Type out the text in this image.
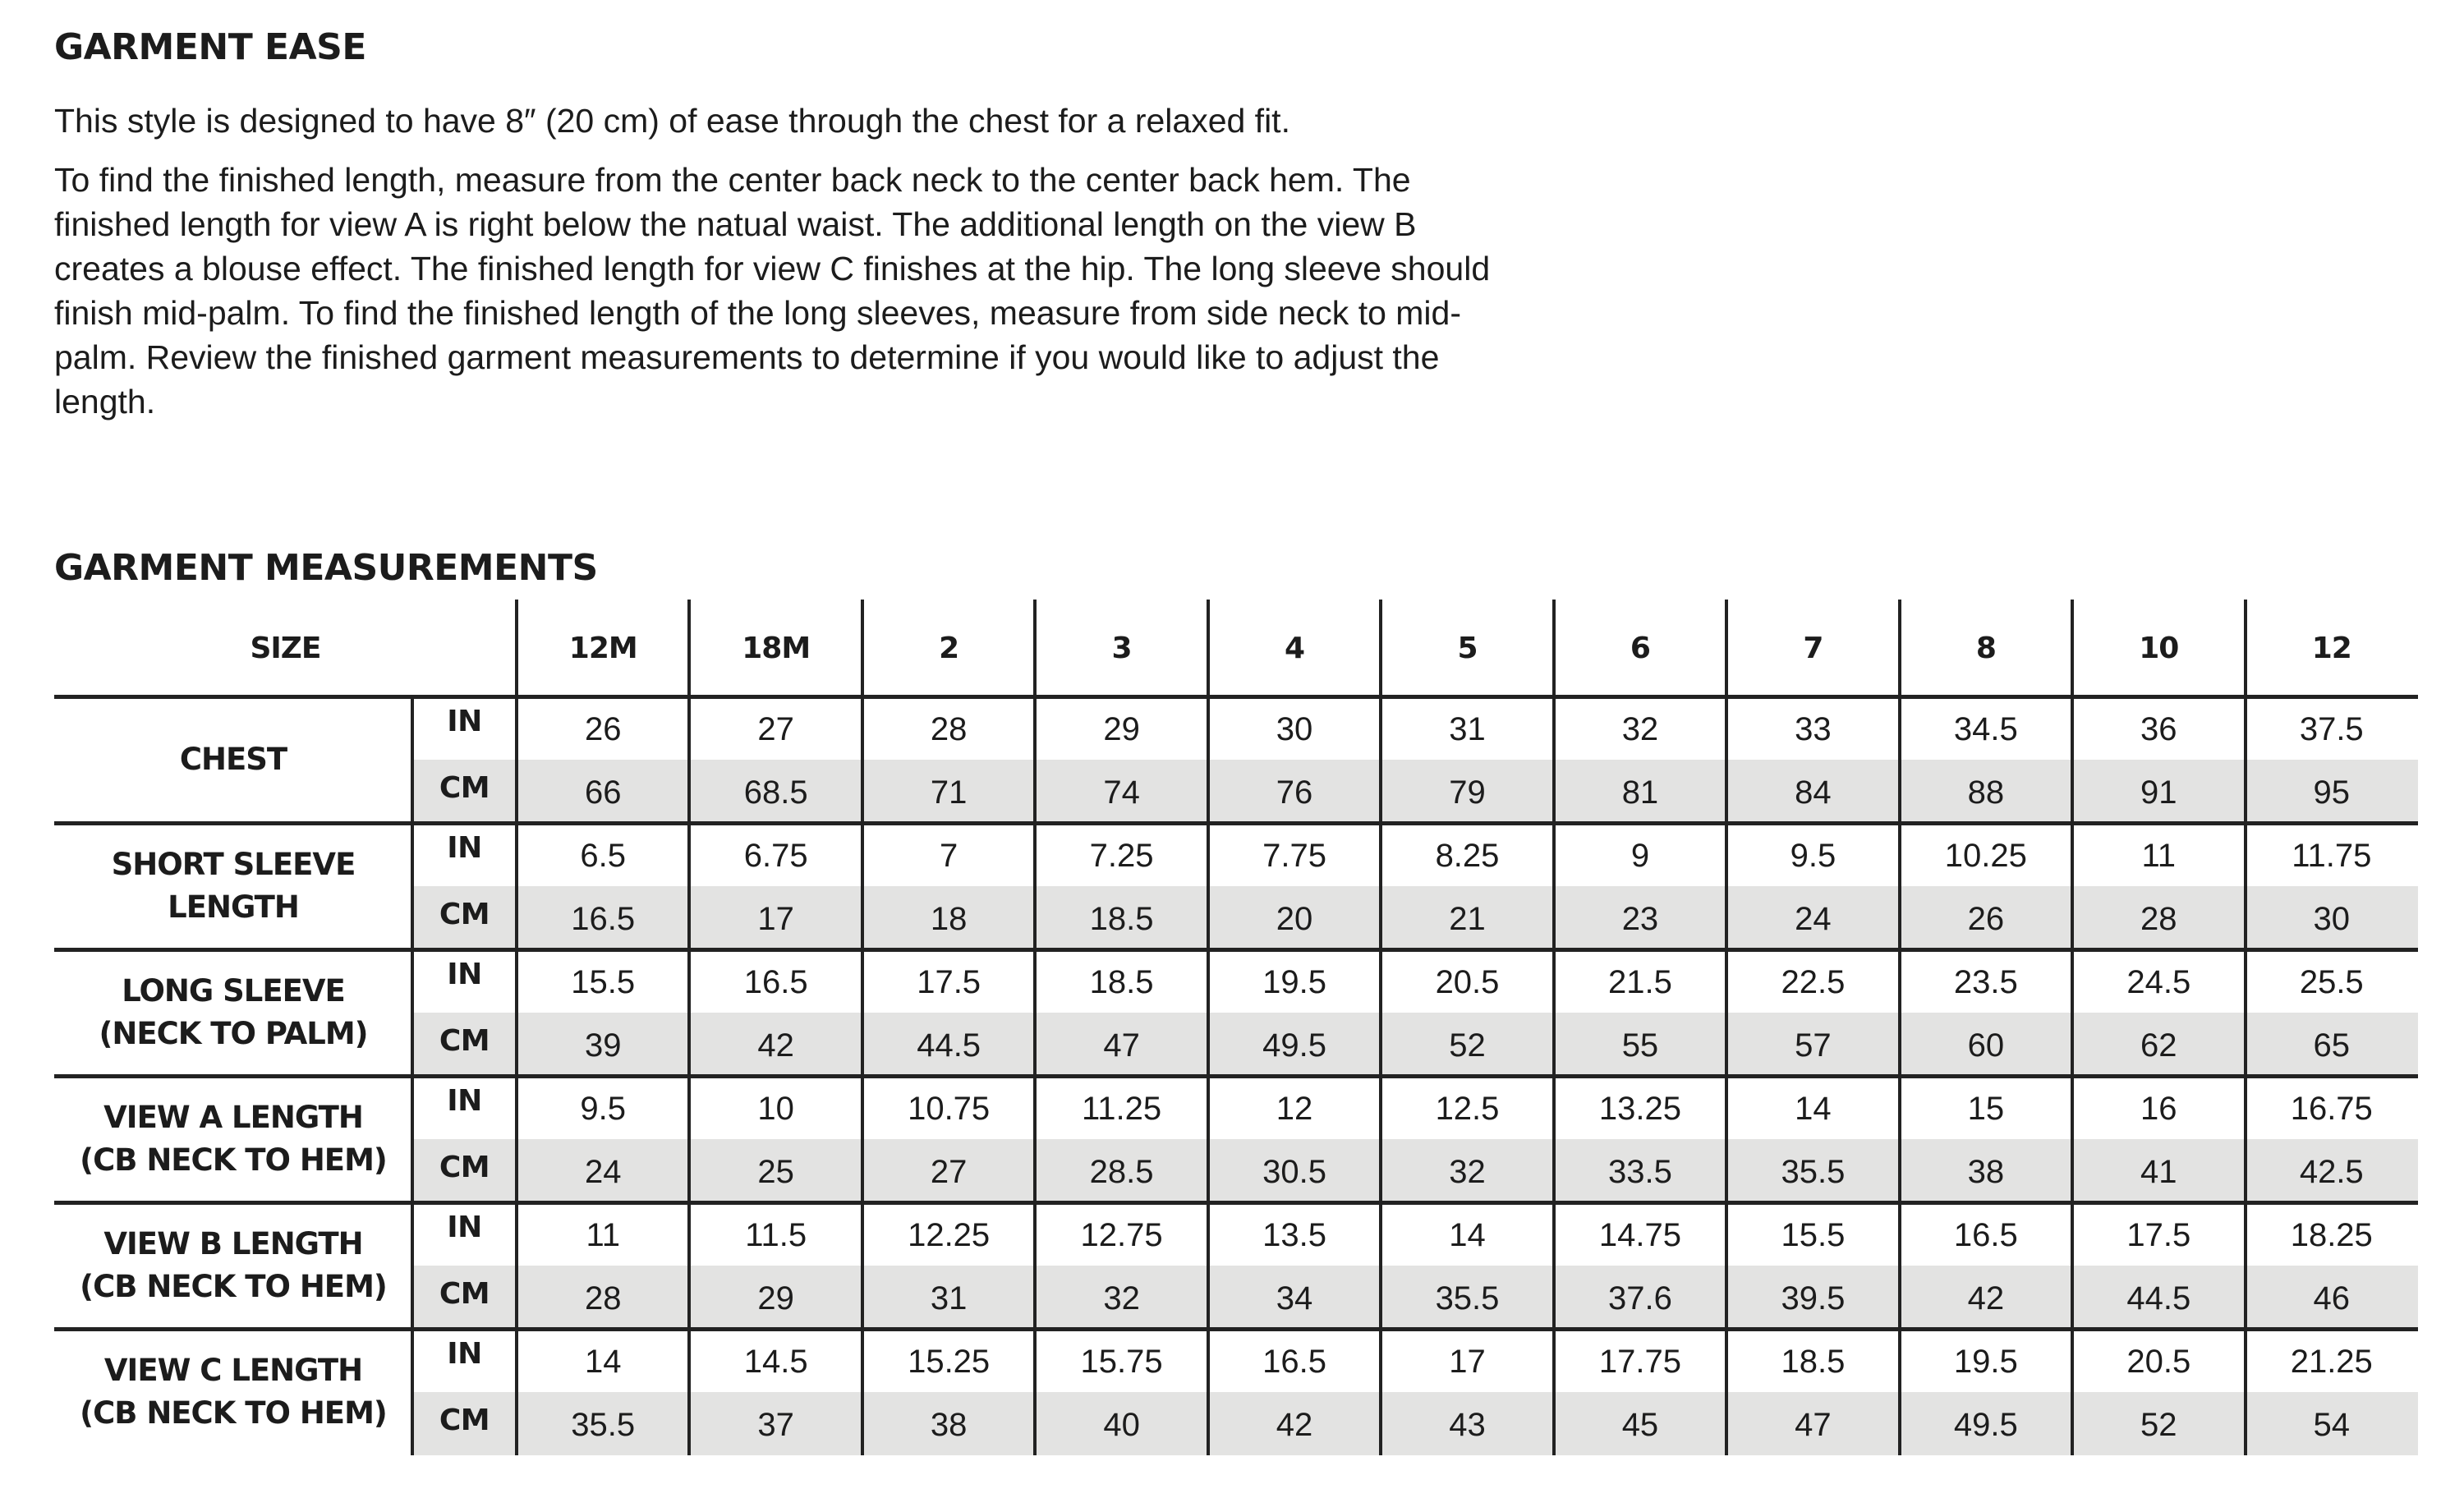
GARMENT EASE

This style is designed to have 8″ (20 cm) of ease through the chest for a relaxed fit.

To find the finished length, measure from the center back neck to the center back hem. The
finished length for view A is right below the natual waist. The additional length on the view B
creates a blouse effect. The finished length for view C finishes at the hip. The long sleeve should
finish mid-palm. To find the finished length of the long sleeves, measure from side neck to mid-
palm. Review the finished garment measurements to determine if you would like to adjust the
length.

GARMENT MEASUREMENTS
SIZE	12M	18M	2	3	4	5	6	7	8	10	12
CHEST
IN	26	27	28	29	30	31	32	33	34.5	36	37.5
CM	66	68.5	71	74	76	79	81	84	88	91	95
SHORT SLEEVE
LENGTH
IN	6.5	6.75	7	7.25	7.75	8.25	9	9.5	10.25	11	11.75
CM	16.5	17	18	18.5	20	21	23	24	26	28	30
LONG SLEEVE
(NECK TO PALM)
IN	15.5	16.5	17.5	18.5	19.5	20.5	21.5	22.5	23.5	24.5	25.5
CM	39	42	44.5	47	49.5	52	55	57	60	62	65
VIEW A LENGTH
(CB NECK TO HEM)
IN	9.5	10	10.75	11.25	12	12.5	13.25	14	15	16	16.75
CM	24	25	27	28.5	30.5	32	33.5	35.5	38	41	42.5
VIEW B LENGTH
(CB NECK TO HEM)
IN	11	11.5	12.25	12.75	13.5	14	14.75	15.5	16.5	17.5	18.25
CM	28	29	31	32	34	35.5	37.6	39.5	42	44.5	46
VIEW C LENGTH
(CB NECK TO HEM)
IN	14	14.5	15.25	15.75	16.5	17	17.75	18.5	19.5	20.5	21.25
CM	35.5	37	38	40	42	43	45	47	49.5	52	54
